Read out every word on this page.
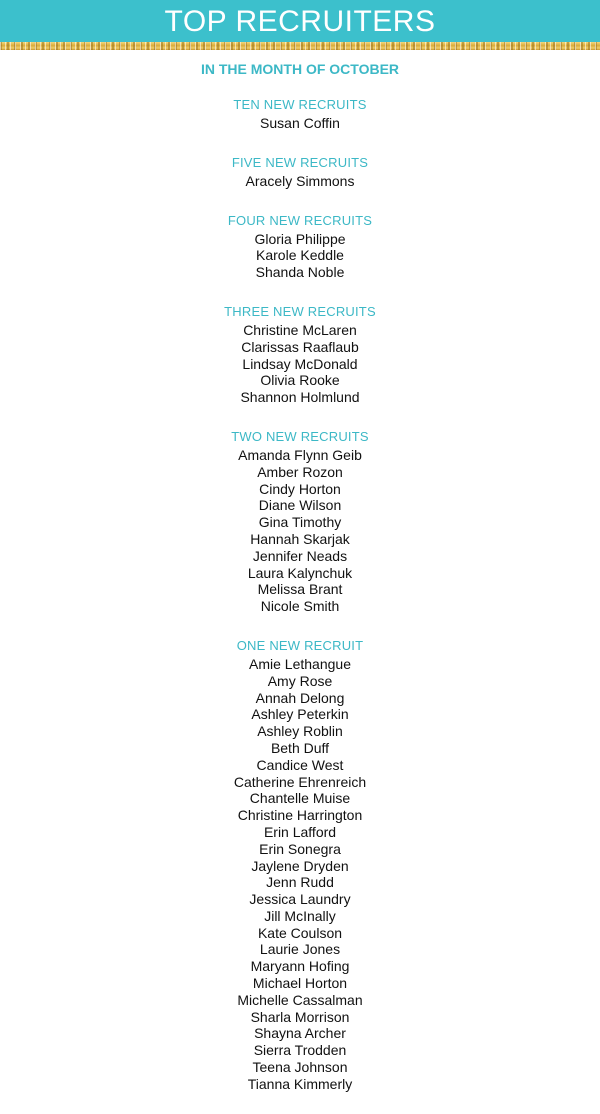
TOP RECRUITERS
IN THE MONTH OF OCTOBER
TEN NEW RECRUITS
Susan Coffin
FIVE NEW RECRUITS
Aracely Simmons
FOUR NEW RECRUITS
Gloria Philippe
Karole Keddle
Shanda Noble
THREE NEW RECRUITS
Christine McLaren
Clarissas Raaflaub
Lindsay McDonald
Olivia Rooke
Shannon Holmlund
TWO NEW RECRUITS
Amanda Flynn Geib
Amber Rozon
Cindy Horton
Diane Wilson
Gina Timothy
Hannah Skarjak
Jennifer Neads
Laura Kalynchuk
Melissa Brant
Nicole Smith
ONE NEW RECRUIT
Amie Lethangue
Amy Rose
Annah Delong
Ashley Peterkin
Ashley Roblin
Beth Duff
Candice West
Catherine Ehrenreich
Chantelle Muise
Christine Harrington
Erin Lafford
Erin Sonegra
Jaylene Dryden
Jenn Rudd
Jessica Laundry
Jill McInally
Kate Coulson
Laurie Jones
Maryann Hofing
Michael Horton
Michelle Cassalman
Sharla Morrison
Shayna Archer
Sierra Trodden
Teena Johnson
Tianna Kimmerly
